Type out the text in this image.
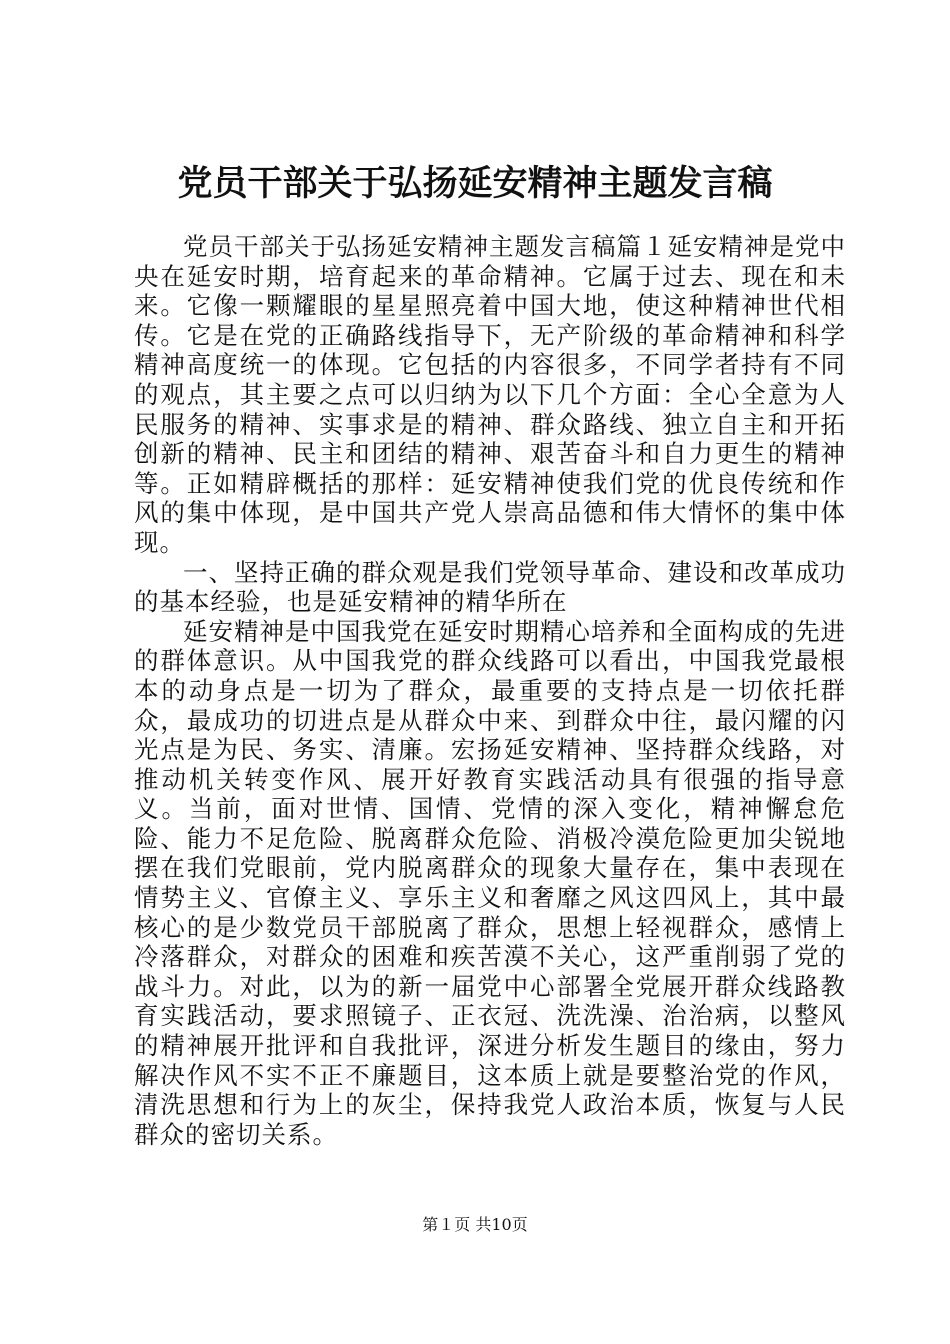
党员干部关于弘扬延安精神主题发言稿

党员干部关于弘扬延安精神主题发言稿篇１延安精神是党中央在延安时期，培育起来的革命精神。它属于过去、现在和未来。它像一颗耀眼的星星照亮着中国大地，使这种精神世代相传。它是在党的正确路线指导下，无产阶级的革命精神和科学精神高度统一的体现。它包括的内容很多，不同学者持有不同的观点，其主要之点可以归纳为以下几个方面：全心全意为人民服务的精神、实事求是的精神、群众路线、独立自主和开拓创新的精神、民主和团结的精神、艰苦奋斗和自力更生的精神等。正如精辟概括的那样：延安精神使我们党的优良传统和作风的集中体现，是中国共产党人崇高品德和伟大情怀的集中体现。

一、坚持正确的群众观是我们党领导革命、建设和改革成功的基本经验，也是延安精神的精华所在

延安精神是中国我党在延安时期精心培养和全面构成的先进的群体意识。从中国我党的群众线路可以看出，中国我党最根本的动身点是一切为了群众，最重要的支持点是一切依托群众，最成功的切进点是从群众中来、到群众中往，最闪耀的闪光点是为民、务实、清廉。宏扬延安精神、坚持群众线路，对推动机关转变作风、展开好教育实践活动具有很强的指导意义。当前，面对世情、国情、党情的深入变化，精神懈怠危险、能力不足危险、脱离群众危险、消极冷漠危险更加尖锐地摆在我们党眼前，党内脱离群众的现象大量存在，集中表现在情势主义、官僚主义、享乐主义和奢靡之风这四风上，其中最核心的是少数党员干部脱离了群众，思想上轻视群众，感情上冷落群众，对群众的困难和疾苦漠不关心，这严重削弱了党的战斗力。对此，以为的新一届党中心部署全党展开群众线路教育实践活动，要求照镜子、正衣冠、洗洗澡、治治病，以整风的精神展开批评和自我批评，深进分析发生题目的缘由，努力解决作风不实不正不廉题目，这本质上就是要整治党的作风，清洗思想和行为上的灰尘，保持我党人政治本质，恢复与人民群众的密切关系。

第１页 共10页
